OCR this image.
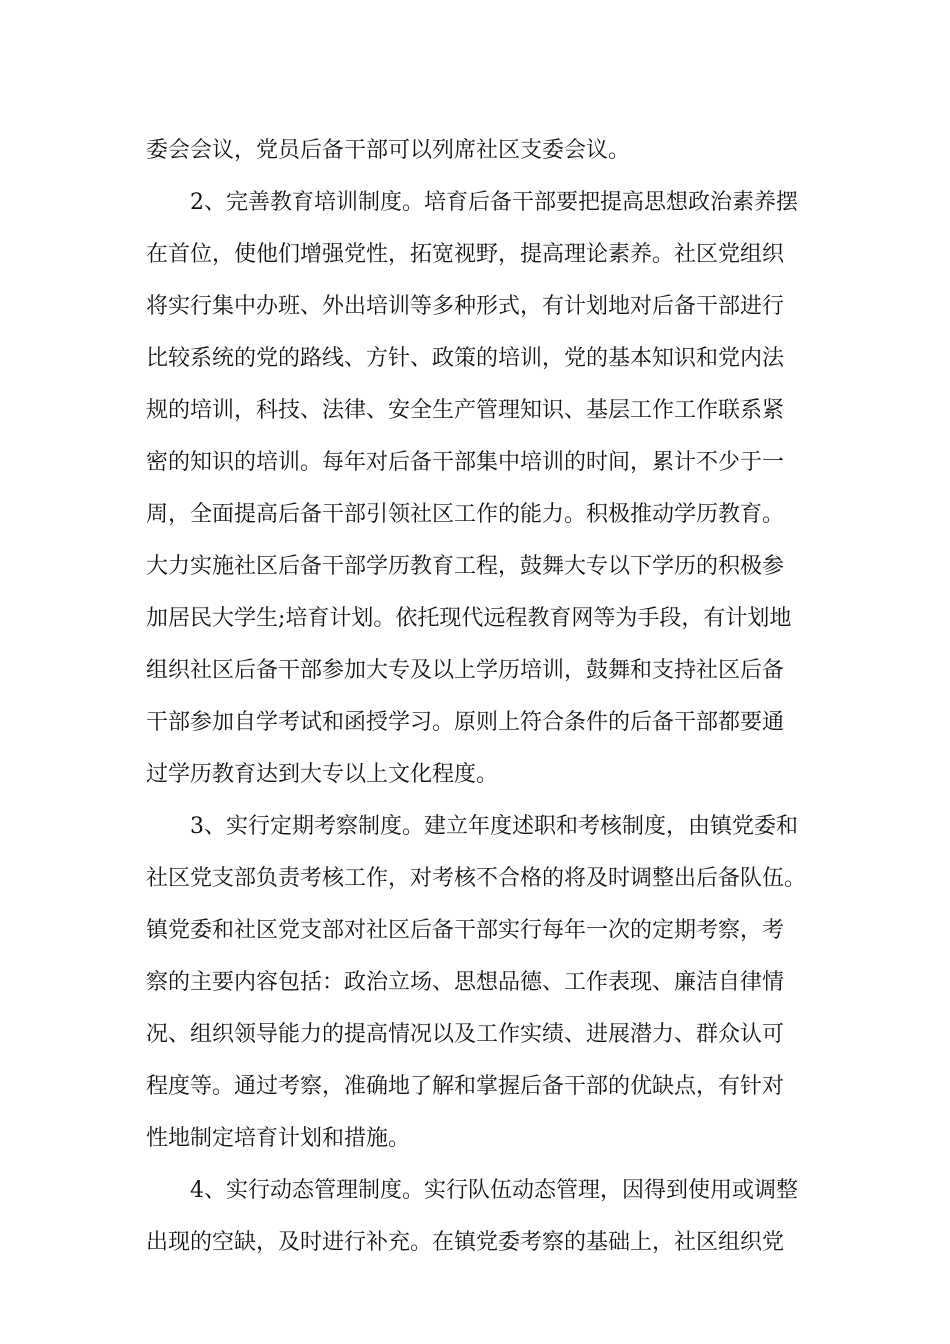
委会会议，党员后备干部可以列席社区支委会议。
2、完善教育培训制度。培育后备干部要把提高思想政治素养摆
在首位，使他们增强党性，拓宽视野，提高理论素养。社区党组织
将实行集中办班、外出培训等多种形式，有计划地对后备干部进行
比较系统的党的路线、方针、政策的培训，党的基本知识和党内法
规的培训，科技、法律、安全生产管理知识、基层工作工作联系紧
密的知识的培训。每年对后备干部集中培训的时间，累计不少于一
周，全面提高后备干部引领社区工作的能力。积极推动学历教育。
大力实施社区后备干部学历教育工程，鼓舞大专以下学历的积极参
加居民大学生;培育计划。依托现代远程教育网等为手段，有计划地
组织社区后备干部参加大专及以上学历培训，鼓舞和支持社区后备
干部参加自学考试和函授学习。原则上符合条件的后备干部都要通
过学历教育达到大专以上文化程度。
3、实行定期考察制度。建立年度述职和考核制度，由镇党委和
社区党支部负责考核工作，对考核不合格的将及时调整出后备队伍。
镇党委和社区党支部对社区后备干部实行每年一次的定期考察，考
察的主要内容包括：政治立场、思想品德、工作表现、廉洁自律情
况、组织领导能力的提高情况以及工作实绩、进展潜力、群众认可
程度等。通过考察，准确地了解和掌握后备干部的优缺点，有针对
性地制定培育计划和措施。
4、实行动态管理制度。实行队伍动态管理，因得到使用或调整
出现的空缺，及时进行补充。在镇党委考察的基础上，社区组织党
